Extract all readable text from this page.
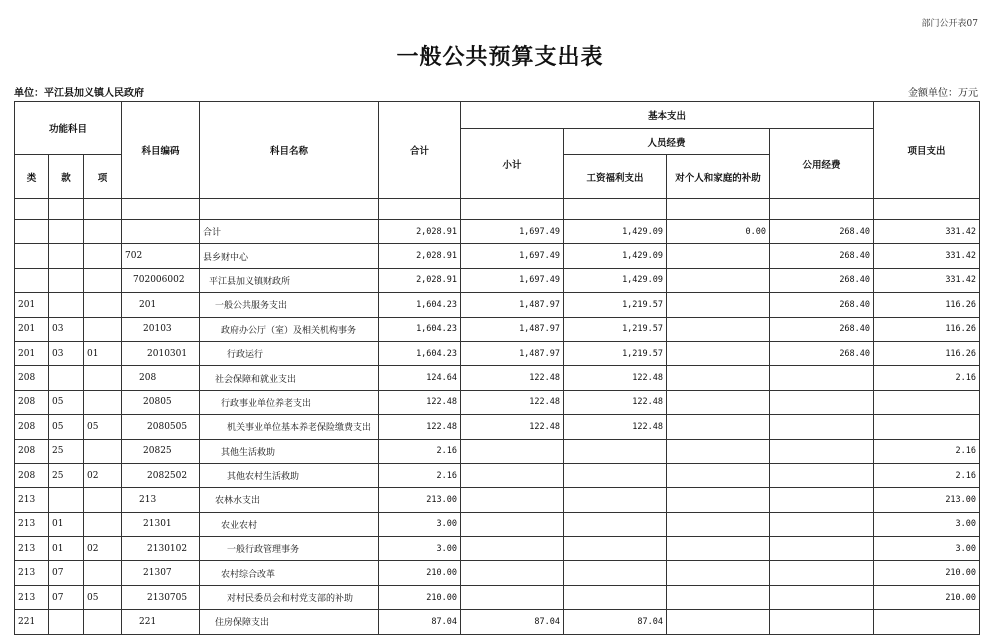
部门公开表07
一般公共预算支出表
单位：平江县加义镇人民政府	金额单位：万元
功能科目			科目编码	科目名称	合计	基本支出				项目支出
						小计	人员经费		公用经费	
类	款	项					工资福利支出	对个人和家庭的补助		

				合计	2,028.91	1,697.49	1,429.09	0.00	268.40	331.42
			702	县乡财中心	2,028.91	1,697.49	1,429.09		268.40	331.42
			702006002	平江县加义镇财政所	2,028.91	1,697.49	1,429.09		268.40	331.42
201			201	一般公共服务支出	1,604.23	1,487.97	1,219.57		268.40	116.26
201	03		20103	政府办公厅（室）及相关机构事务	1,604.23	1,487.97	1,219.57		268.40	116.26
201	03	01	2010301	行政运行	1,604.23	1,487.97	1,219.57		268.40	116.26
208			208	社会保障和就业支出	124.64	122.48	122.48			2.16
208	05		20805	行政事业单位养老支出	122.48	122.48	122.48			
208	05	05	2080505	机关事业单位基本养老保险缴费支出	122.48	122.48	122.48			
208	25		20825	其他生活救助	2.16					2.16
208	25	02	2082502	其他农村生活救助	2.16					2.16
213			213	农林水支出	213.00					213.00
213	01		21301	农业农村	3.00					3.00
213	01	02	2130102	一般行政管理事务	3.00					3.00
213	07		21307	农村综合改革	210.00					210.00
213	07	05	2130705	对村民委员会和村党支部的补助	210.00					210.00
221			221	住房保障支出	87.04	87.04	87.04			
